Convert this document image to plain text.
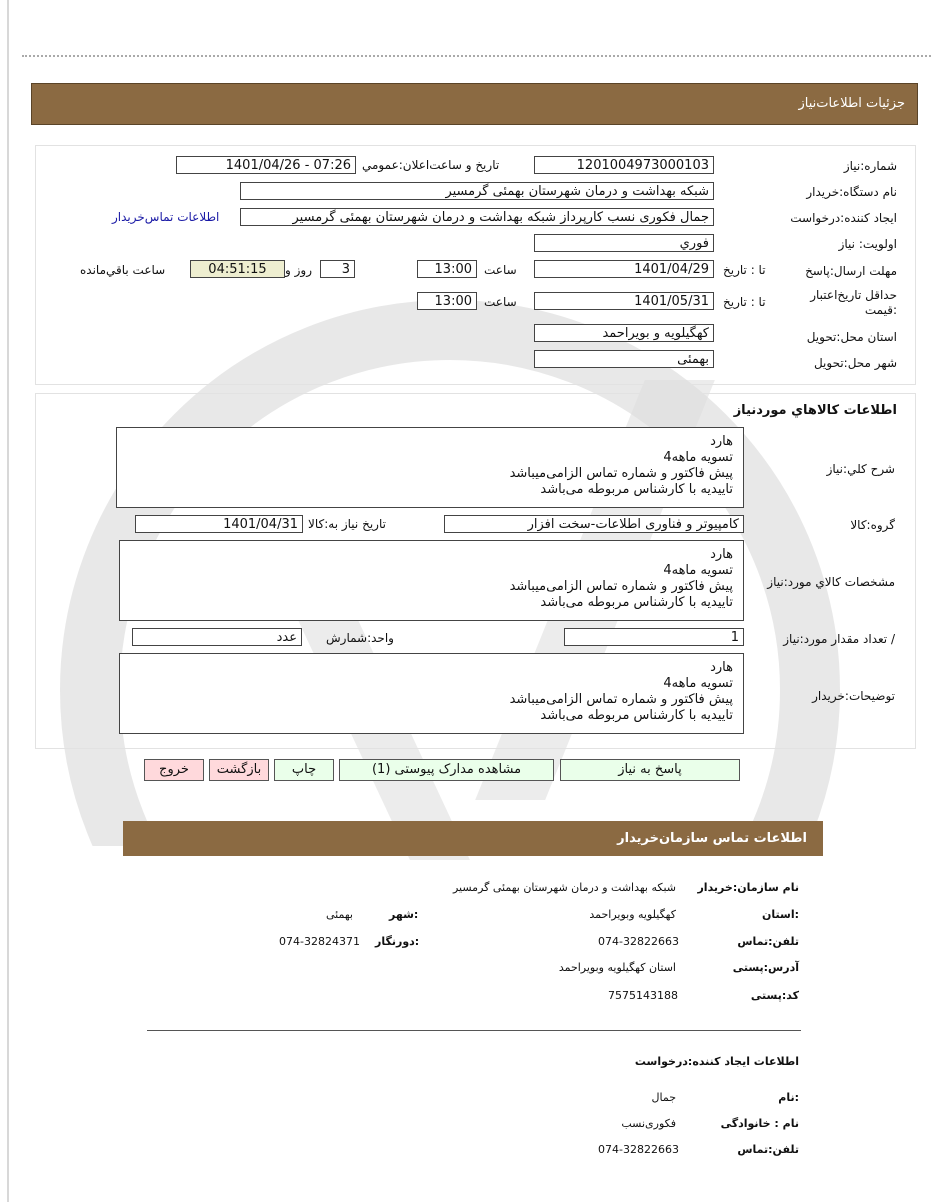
جزئيات اطلاعات‌نياز
شماره:نياز
1201004973000103
تاريخ و ساعت‌اعلان:عمومي
1401/04/26 - 07:26
نام دستگاه:خريدار
شبكه بهداشت و درمان شهرستان بهمئی گرمسير
ايجاد كننده:درخواست
جمال فكوری نسب كارپرداز شبكه بهداشت و درمان شهرستان بهمئی گرمسير
اطلاعات تماس‌خريدار
اولويت: نياز
فوري
مهلت ارسال:پاسخ
تا : تاريخ
1401/04/29
ساعت
13:00
3
روز و
04:51:15
ساعت باقي‌مانده
حداقل تاريخ‌اعتبار :قيمت
تا : تاريخ
1401/05/31
ساعت
13:00
استان محل:تحويل
كهگيلويه و بويراحمد
شهر محل:تحويل
بهمئی
اطلاعات كالاهاي موردنياز
شرح كلي:نياز
هارد
تسويه ماهه4
پيش فاكتور و شماره تماس الزامی‌ميباشد
تاييديه با كارشناس مربوطه می‌باشد
گروه:كالا
كامپيوتر و فناوری اطلاعات-سخت افزار
تاريخ نياز به:كالا
1401/04/31
مشخصات كالاي مورد:نياز
هارد
تسويه ماهه4
پيش فاكتور و شماره تماس الزامی‌ميباشد
تاييديه با كارشناس مربوطه می‌باشد
/ تعداد مقدار مورد:نياز
1
واحد:شمارش
عدد
توضيحات:خريدار
هارد
تسويه ماهه4
پيش فاكتور و شماره تماس الزامی‌ميباشد
تاييديه با كارشناس مربوطه می‌باشد
پاسخ به نياز
مشاهده مدارک پيوستی (1)
چاپ
بازگشت
خروج
اطلاعات تماس سازمان‌خريدار
نام سازمان:خريدار
شبكه بهداشت و درمان شهرستان بهمئی گرمسير
:استان
كهگيلويه وبويراحمد
:شهر
بهمئی
تلفن:تماس
074-32822663
:دورنگار
074-32824371
آدرس:پستی
استان كهگيلويه وبويراحمد
كد:پستی
7575143188
اطلاعات ايجاد كننده:درخواست
:نام
جمال
نام : خانوادگی
فكوری‌نسب
تلفن:تماس
074-32822663
